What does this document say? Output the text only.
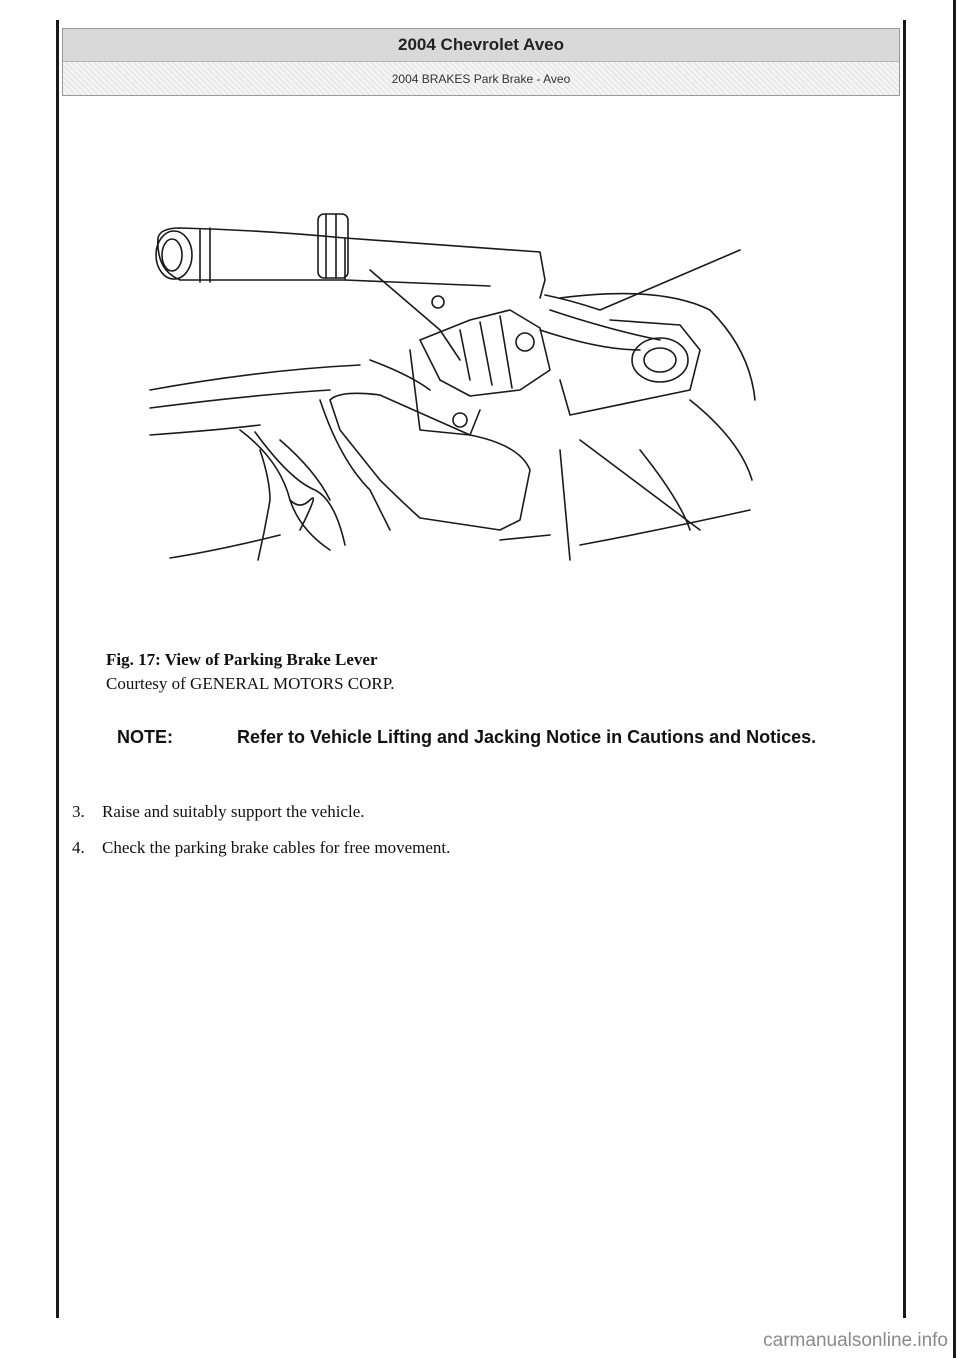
2004 Chevrolet Aveo
2004 BRAKES Park Brake - Aveo
Fig. 17: View of Parking Brake Lever
Courtesy of GENERAL MOTORS CORP.
NOTE:	Refer to Vehicle Lifting and Jacking Notice in Cautions and Notices.
3.	Raise and suitably support the vehicle.
4.	Check the parking brake cables for free movement.
carmanualsonline.info
